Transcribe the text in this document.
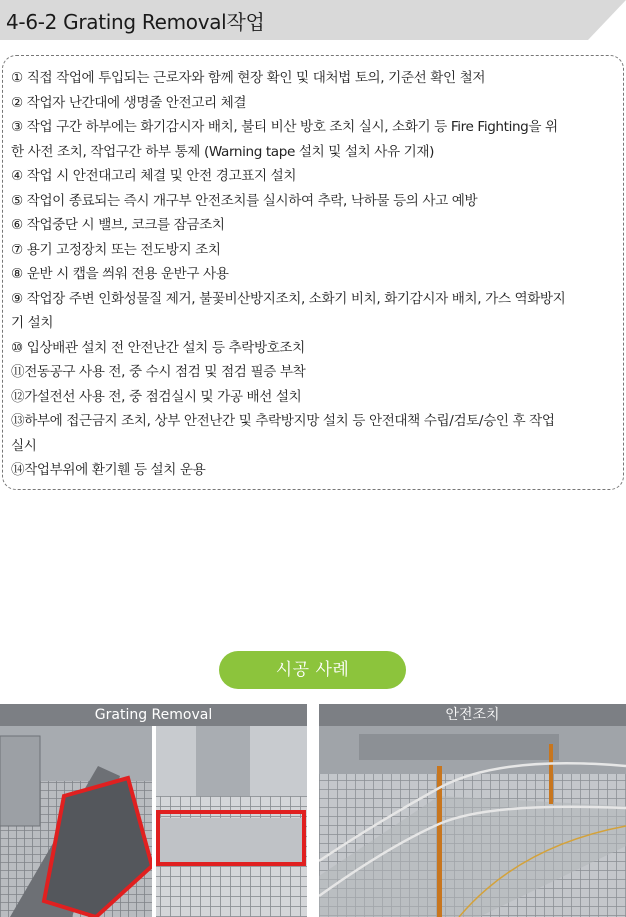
4-6-2 Grating Removal작업
① 직접 작업에 투입되는 근로자와 함께 현장 확인 및 대처법 토의, 기준선 확인 철저
② 작업자 난간대에 생명줄 안전고리 체결
③ 작업 구간 하부에는 화기감시자 배치, 불티 비산 방호 조치 실시, 소화기 등 Fire Fighting을 위
한 사전 조치, 작업구간 하부 통제 (Warning tape 설치 및 설치 사유 기재)
④ 작업 시 안전대고리 체결 및 안전 경고표지 설치
⑤ 작업이 종료되는 즉시 개구부 안전조치를 실시하여 추락, 낙하물 등의 사고 예방
⑥ 작업중단 시 밸브, 코크를 잠금조치
⑦ 용기 고정장치 또는 전도방지 조치
⑧ 운반 시 캡을 씌워 전용 운반구 사용
⑨ 작업장 주변 인화성물질 제거, 불꽃비산방지조치, 소화기 비치, 화기감시자 배치, 가스 역화방지
기 설치
⑩ 입상배관 설치 전 안전난간 설치 등 추락방호조치
⑪전동공구 사용 전, 중 수시 점검 및 점검 필증 부착
⑫가설전선 사용 전, 중 점검실시 및 가공 배선 설치
⑬하부에 접근금지 조치, 상부 안전난간 및 추락방지망 설치 등 안전대책 수립/검토/승인 후 작업
실시
⑭작업부위에 환기휀 등 설치 운용
시공 사례
Grating Removal	안전조치
